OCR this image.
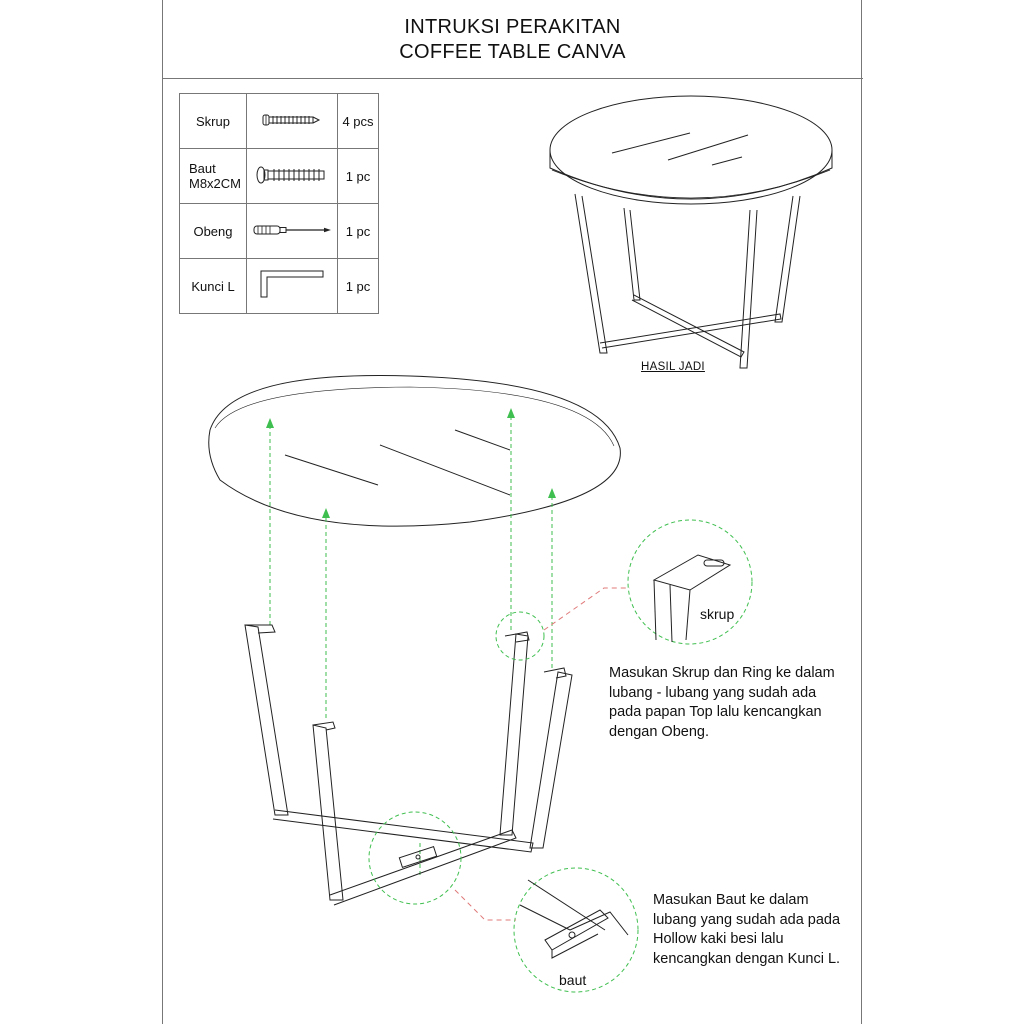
INTRUKSI PERAKITAN
COFFEE TABLE CANVA
Skrup		4 pcs
Baut
M8x2CM		1 pc
Obeng		1 pc
Kunci L		1 pc
HASIL JADI
skrup
baut
Masukan Skrup dan Ring ke dalam lubang - lubang yang sudah ada pada papan Top lalu kencangkan dengan Obeng.
Masukan Baut ke dalam lubang yang sudah ada pada Hollow kaki besi lalu kencangkan dengan Kunci L.
